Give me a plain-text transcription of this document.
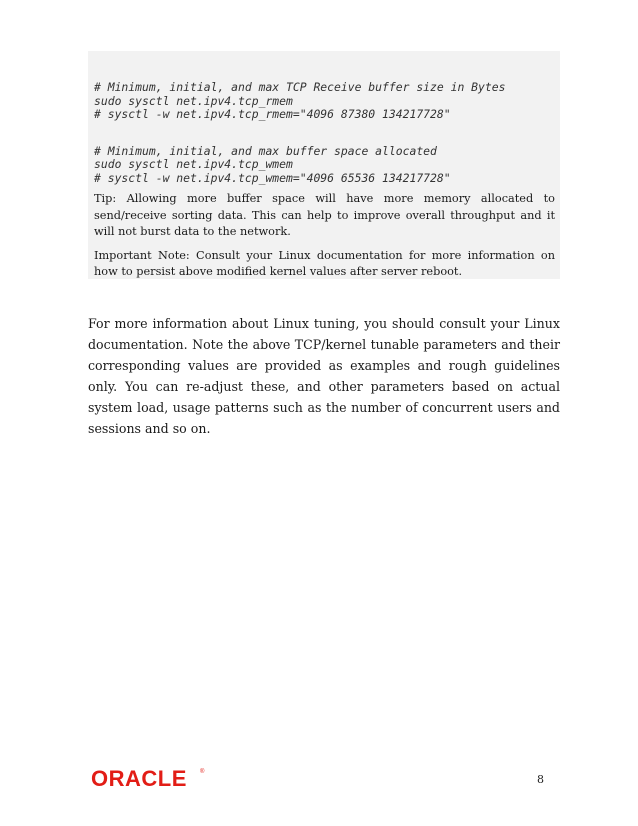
# Minimum, initial, and max TCP Receive buffer size in Bytes
sudo sysctl net.ipv4.tcp_rmem
# sysctl -w net.ipv4.tcp_rmem="4096 87380 134217728"
# Minimum, initial, and max buffer space allocated
sudo sysctl net.ipv4.tcp_wmem
# sysctl -w net.ipv4.tcp_wmem="4096 65536 134217728"

Tip: Allowing more buffer space will have more memory allocated to send/receive sorting data. This can help to improve overall throughput and it will not burst data to the network.

Important Note: Consult your Linux documentation for more information on how to persist above modified kernel values after server reboot.

For more information about Linux tuning, you should consult your Linux documentation. Note the above TCP/kernel tunable parameters and their corresponding values are provided as examples and rough guidelines only. You can re-adjust these, and other parameters based on actual system load, usage patterns such as the number of concurrent users and sessions and so on.

ORACLE ®
8
